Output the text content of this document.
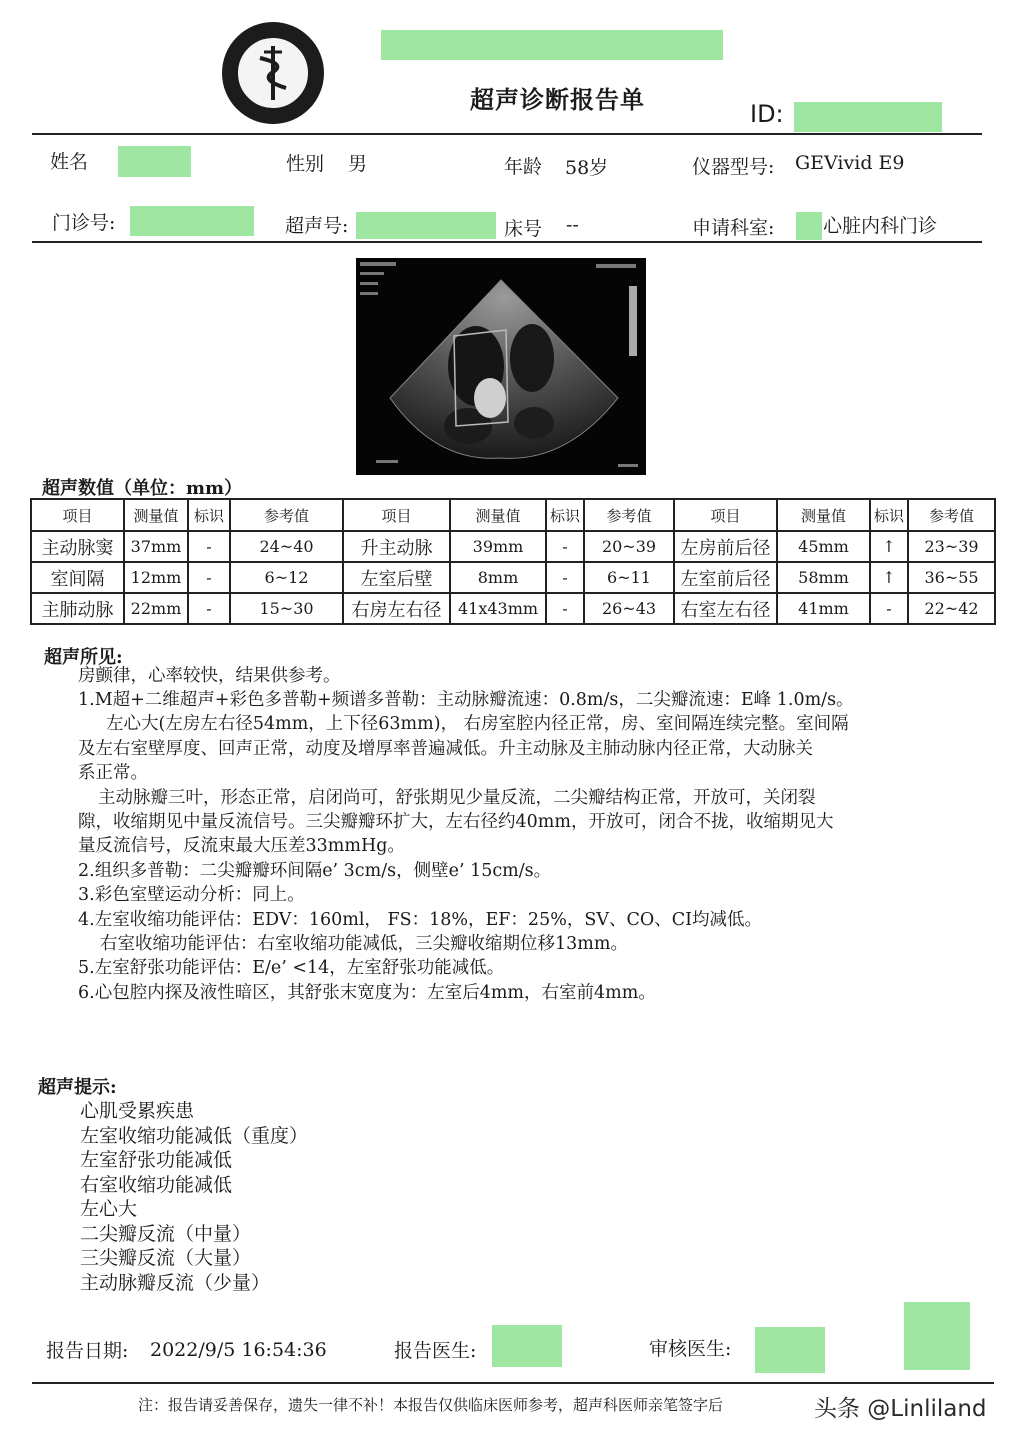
超声诊断报告单	ID:
姓名	性别 男	年龄 58岁	仪器型号: GEVivid E9
门诊号:	超声号:	床号 --	申请科室:	心脏内科门诊
超声数值（单位：mm）
项目	测量值	标识	参考值	项目	测量值	标识	参考值	项目	测量值	标识	参考值
主动脉窦	37mm	-	24~40	升主动脉	39mm	-	20~39	左房前后径	45mm	↑	23~39
室间隔	12mm	-	6~12	左室后壁	8mm	-	6~11	左室前后径	58mm	↑	36~55
主肺动脉	22mm	-	15~30	右房左右径	41x43mm	-	26~43	右室左右径	41mm	-	22~42
超声所见:
房颤律，心率较快，结果供参考。
1.M超+二维超声+彩色多普勒+频谱多普勒：主动脉瓣流速：0.8m/s，二尖瓣流速：E峰 1.0m/s。
左心大(左房左右径54mm，上下径63mm)， 右房室腔内径正常，房、室间隔连续完整。室间隔
及左右室壁厚度、回声正常，动度及增厚率普遍减低。升主动脉及主肺动脉内径正常，大动脉关
系正常。
主动脉瓣三叶，形态正常，启闭尚可，舒张期见少量反流，二尖瓣结构正常，开放可，关闭裂
隙，收缩期见中量反流信号。三尖瓣瓣环扩大，左右径约40mm，开放可，闭合不拢，收缩期见大
量反流信号，反流束最大压差33mmHg。
2.组织多普勒：二尖瓣瓣环间隔e’ 3cm/s，侧壁e’ 15cm/s。
3.彩色室壁运动分析：同上。
4.左室收缩功能评估：EDV：160ml， FS：18%，EF：25%，SV、CO、CI均减低。
右室收缩功能评估：右室收缩功能减低，三尖瓣收缩期位移13mm。
5.左室舒张功能评估：E/e’ <14，左室舒张功能减低。
6.心包腔内探及液性暗区，其舒张末宽度为：左室后4mm，右室前4mm。
超声提示:
心肌受累疾患
左室收缩功能减低（重度）
左室舒张功能减低
右室收缩功能减低
左心大
二尖瓣反流（中量）
三尖瓣反流（大量）
主动脉瓣反流（少量）
报告日期: 2022/9/5 16:54:36	报告医生:	审核医生:
注：报告请妥善保存，遗失一律不补！本报告仅供临床医师参考，超声科医师亲笔签字后	头条 @Linliland
